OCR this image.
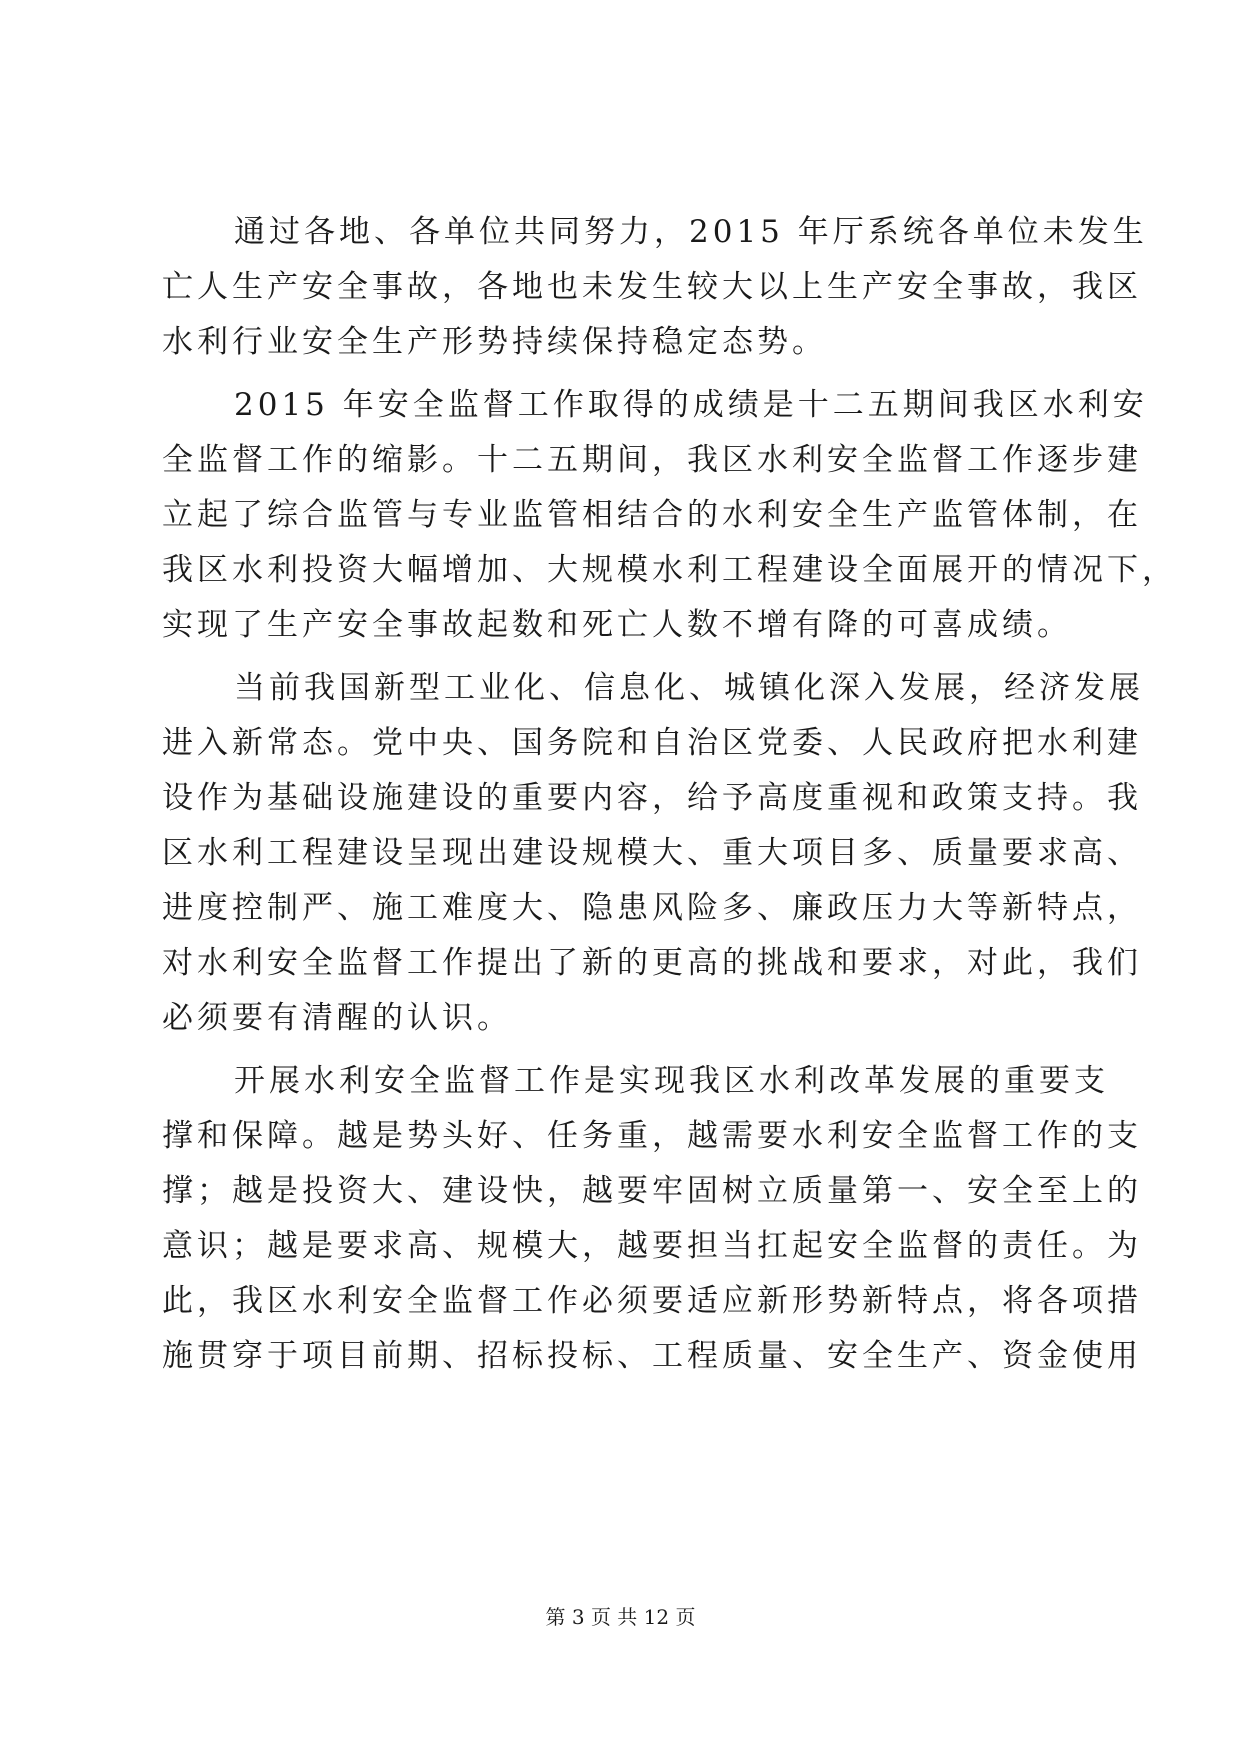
通过各地、各单位共同努力，2015 年厅系统各单位未发生
亡人生产安全事故，各地也未发生较大以上生产安全事故，我区
水利行业安全生产形势持续保持稳定态势。
2015 年安全监督工作取得的成绩是十二五期间我区水利安
全监督工作的缩影。十二五期间，我区水利安全监督工作逐步建
立起了综合监管与专业监管相结合的水利安全生产监管体制，在
我区水利投资大幅增加、大规模水利工程建设全面展开的情况下，
实现了生产安全事故起数和死亡人数不增有降的可喜成绩。
当前我国新型工业化、信息化、城镇化深入发展，经济发展
进入新常态。党中央、国务院和自治区党委、人民政府把水利建
设作为基础设施建设的重要内容，给予高度重视和政策支持。我
区水利工程建设呈现出建设规模大、重大项目多、质量要求高、
进度控制严、施工难度大、隐患风险多、廉政压力大等新特点，
对水利安全监督工作提出了新的更高的挑战和要求，对此，我们
必须要有清醒的认识。
开展水利安全监督工作是实现我区水利改革发展的重要支
撑和保障。越是势头好、任务重，越需要水利安全监督工作的支
撑；越是投资大、建设快，越要牢固树立质量第一、安全至上的
意识；越是要求高、规模大，越要担当扛起安全监督的责任。为
此，我区水利安全监督工作必须要适应新形势新特点，将各项措
施贯穿于项目前期、招标投标、工程质量、安全生产、资金使用
第 3 页 共 12 页
